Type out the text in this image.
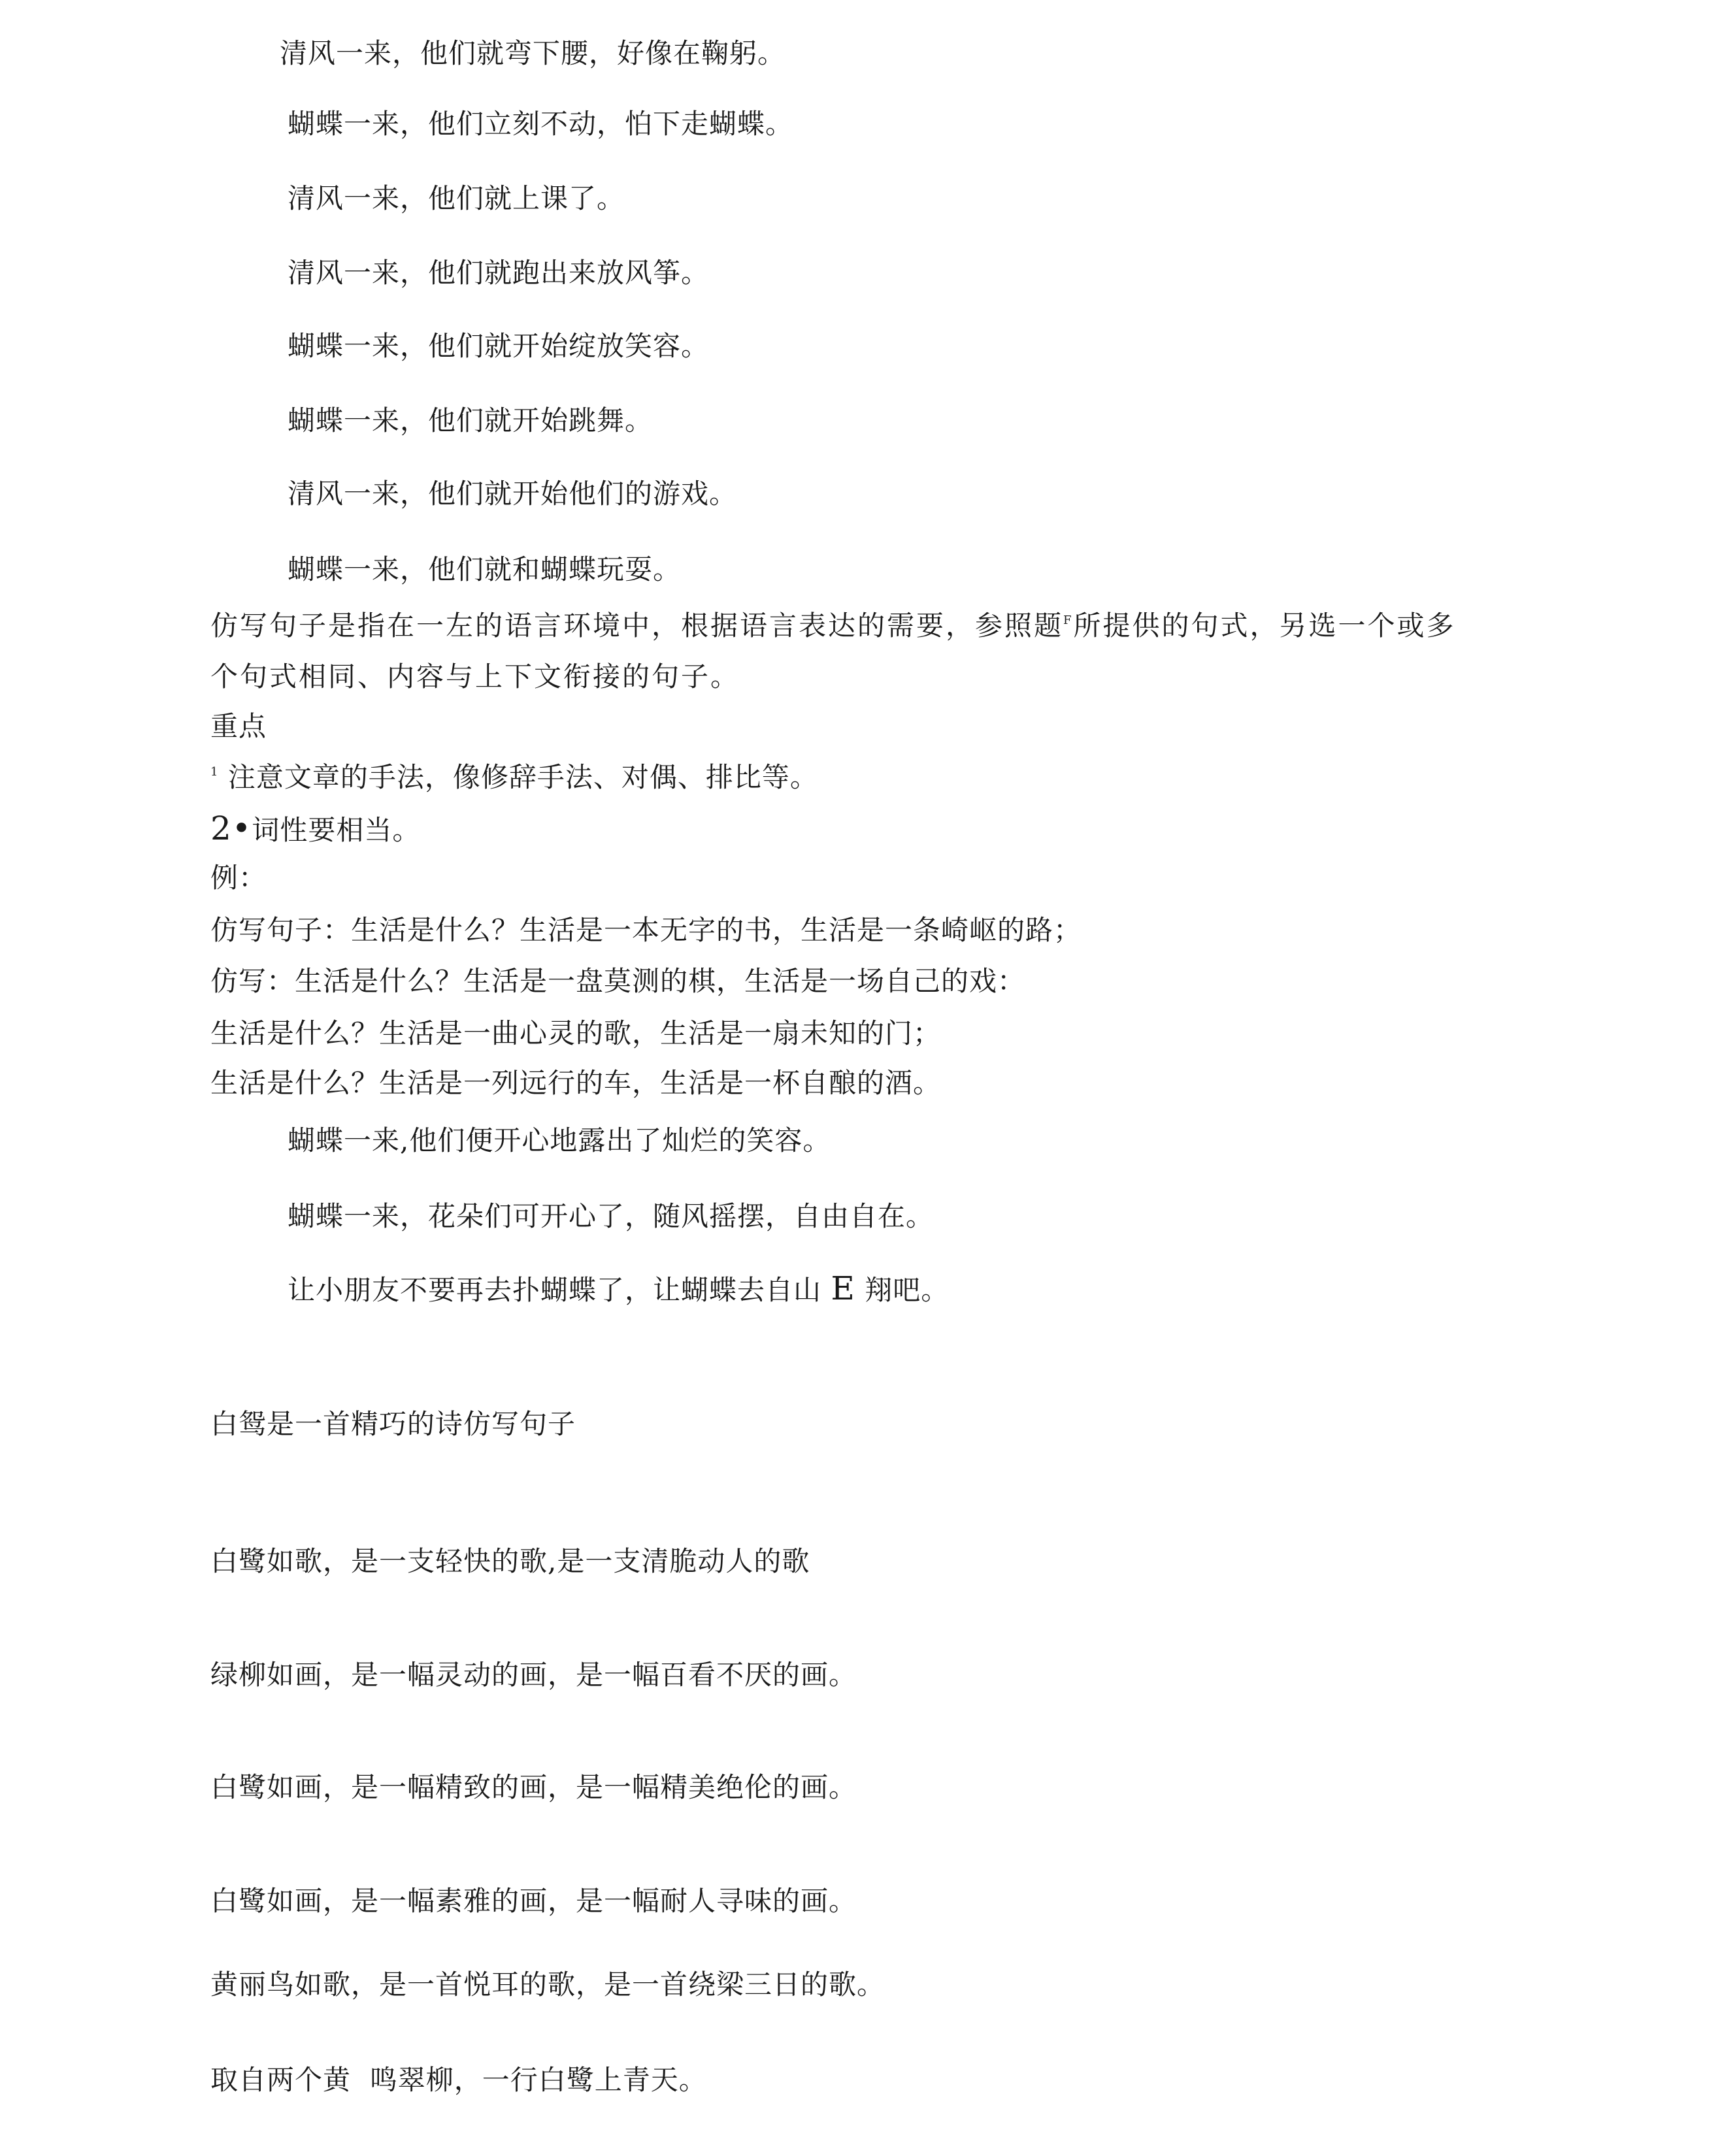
清风一来，他们就弯下腰，好像在鞠躬。
蝴蝶一来，他们立刻不动，怕下走蝴蝶。
清风一来，他们就上课了。
清风一来，他们就跑出来放风筝。
蝴蝶一来，他们就开始绽放笑容。
蝴蝶一来，他们就开始跳舞。
清风一来，他们就开始他们的游戏。
蝴蝶一来，他们就和蝴蝶玩耍。
仿写句子是指在一左的语言环境中，根据语言表达的需要，参照题F所提供的句式，另选一个或多
个句式相同、内容与上下文衔接的句子。
重点
1 注意文章的手法，像修辞手法、对偶、排比等。
2•词性要相当。
例：
仿写句子：生活是什么？生活是一本无字的书，生活是一条崎岖的路；
仿写：生活是什么？生活是一盘莫测的棋，生活是一场自己的戏：
生活是什么？生活是一曲心灵的歌，生活是一扇未知的门；
生活是什么？生活是一列远行的车，生活是一杯自酿的酒。
蝴蝶一来,他们便开心地露出了灿烂的笑容。
蝴蝶一来，花朵们可开心了，随风摇摆，自由自在。
让小朋友不要再去扑蝴蝶了，让蝴蝶去自山 E 翔吧。
白鸳是一首精巧的诗仿写句子
白鹭如歌，是一支轻快的歌,是一支清脆动人的歌
绿柳如画，是一幅灵动的画，是一幅百看不厌的画。
白鹭如画，是一幅精致的画，是一幅精美绝伦的画。
白鹭如画，是一幅素雅的画，是一幅耐人寻味的画。
黄丽鸟如歌，是一首悦耳的歌，是一首绕梁三日的歌。
取自两个黄 鸣翠柳，一行白鹭上青天。
